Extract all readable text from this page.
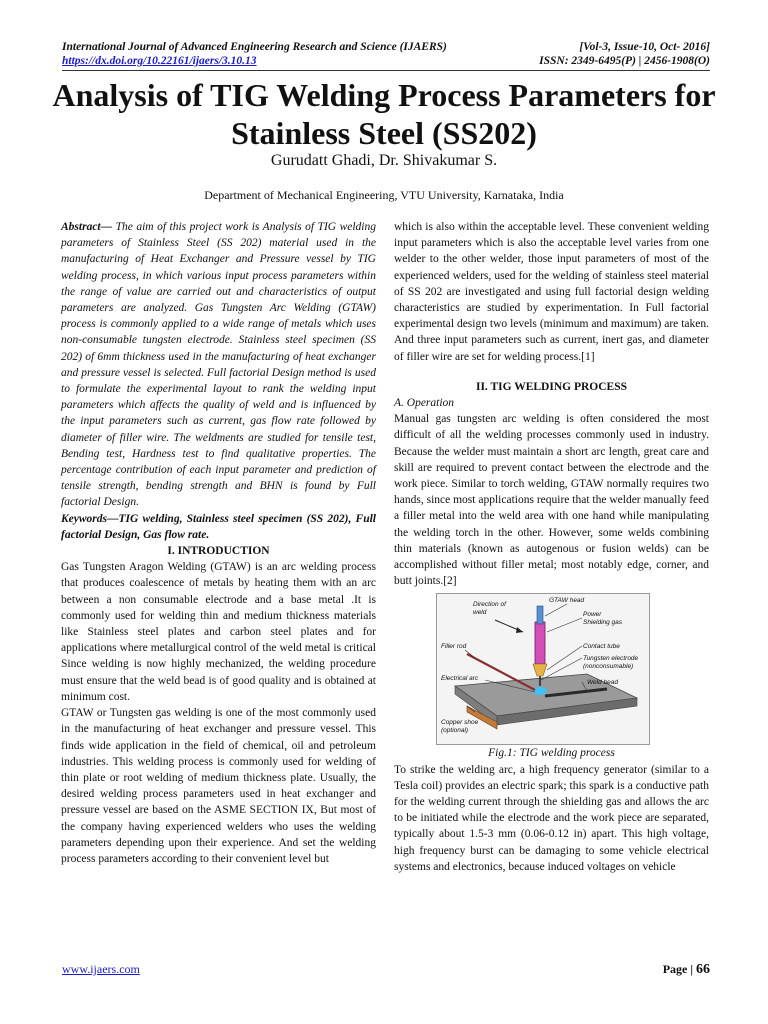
International Journal of Advanced Engineering Research and Science (IJAERS)	[Vol-3, Issue-10, Oct- 2016]
https://dx.doi.org/10.22161/ijaers/3.10.13	ISSN: 2349-6495(P) | 2456-1908(O)
Analysis of TIG Welding Process Parameters for Stainless Steel (SS202)
Gurudatt Ghadi, Dr. Shivakumar S.
Department of Mechanical Engineering, VTU University, Karnataka, India

Abstract— The aim of this project work is Analysis of TIG welding parameters of Stainless Steel (SS 202) material used in the manufacturing of Heat Exchanger and Pressure vessel by TIG welding process, in which various input process parameters within the range of value are carried out and characteristics of output parameters are analyzed. Gas Tungsten Arc Welding (GTAW) process is commonly applied to a wide range of metals which uses non-consumable tungsten electrode. Stainless steel specimen (SS 202) of 6mm thickness used in the manufacturing of heat exchanger and pressure vessel is selected. Full factorial Design method is used to formulate the experimental layout to rank the welding input parameters which affects the quality of weld and is influenced by the input parameters such as current, gas flow rate followed by diameter of filler wire. The weldments are studied for tensile test, Bending test, Hardness test to find qualitative properties. The percentage contribution of each input parameter and prediction of tensile strength, bending strength and BHN is found by Full factorial Design.

Keywords—TIG welding, Stainless steel specimen (SS 202), Full factorial Design, Gas flow rate.

I. INTRODUCTION

Gas Tungsten Aragon Welding (GTAW) is an arc welding process that produces coalescence of metals by heating them with an arc between a non consumable electrode and a base metal .It is commonly used for welding thin and medium thickness materials like Stainless steel plates and carbon steel plates and for applications where metallurgical control of the weld metal is critical Since welding is now highly mechanized, the welding procedure must ensure that the weld bead is of good quality and is obtained at minimum cost.

GTAW or Tungsten gas welding is one of the most commonly used in the manufacturing of heat exchanger and pressure vessel. This finds wide application in the field of chemical, oil and petroleum industries. This welding process is commonly used for welding of thin plate or root welding of medium thickness plate. Usually, the desired welding process parameters used in heat exchanger and pressure vessel are based on the ASME SECTION IX, But most of the company having experienced welders who uses the welding parameters depending upon their experience. And set the welding process parameters according to their convenient level but

which is also within the acceptable level. These convenient welding input parameters which is also the acceptable level varies from one welder to the other welder, those input parameters of most of the experienced welders, used for the welding of stainless steel material of SS 202 are investigated and using full factorial design welding characteristics are studied by experimentation. In Full factorial experimental design two levels (minimum and maximum) are taken. And three input parameters such as current, inert gas, and diameter of filler wire are set for welding process.[1]

II. TIG WELDING PROCESS

A. Operation

Manual gas tungsten arc welding is often considered the most difficult of all the welding processes commonly used in industry. Because the welder must maintain a short arc length, great care and skill are required to prevent contact between the electrode and the work piece. Similar to torch welding, GTAW normally requires two hands, since most applications require that the welder manually feed a filler metal into the weld area with one hand while manipulating the welding torch in the other. However, some welds combining thin materials (known as autogenous or fusion welds) can be accomplished without filler metal; most notably edge, corner, and butt joints.[2]

Direction of
weld
GTAW head
Power
Shielding gas
Filler rod	Contact tube
Tungsten electrode
(nonconsumable)
Electrical arc
Weld bead
Copper shoe
(optional)

Fig.1: TIG welding process

To strike the welding arc, a high frequency generator (similar to a Tesla coil) provides an electric spark; this spark is a conductive path for the welding current through the shielding gas and allows the arc to be initiated while the electrode and the work piece are separated, typically about 1.5-3 mm (0.06-0.12 in) apart. This high voltage, high frequency burst can be damaging to some vehicle electrical systems and electronics, because induced voltages on vehicle

www.ijaers.com	Page | 66
